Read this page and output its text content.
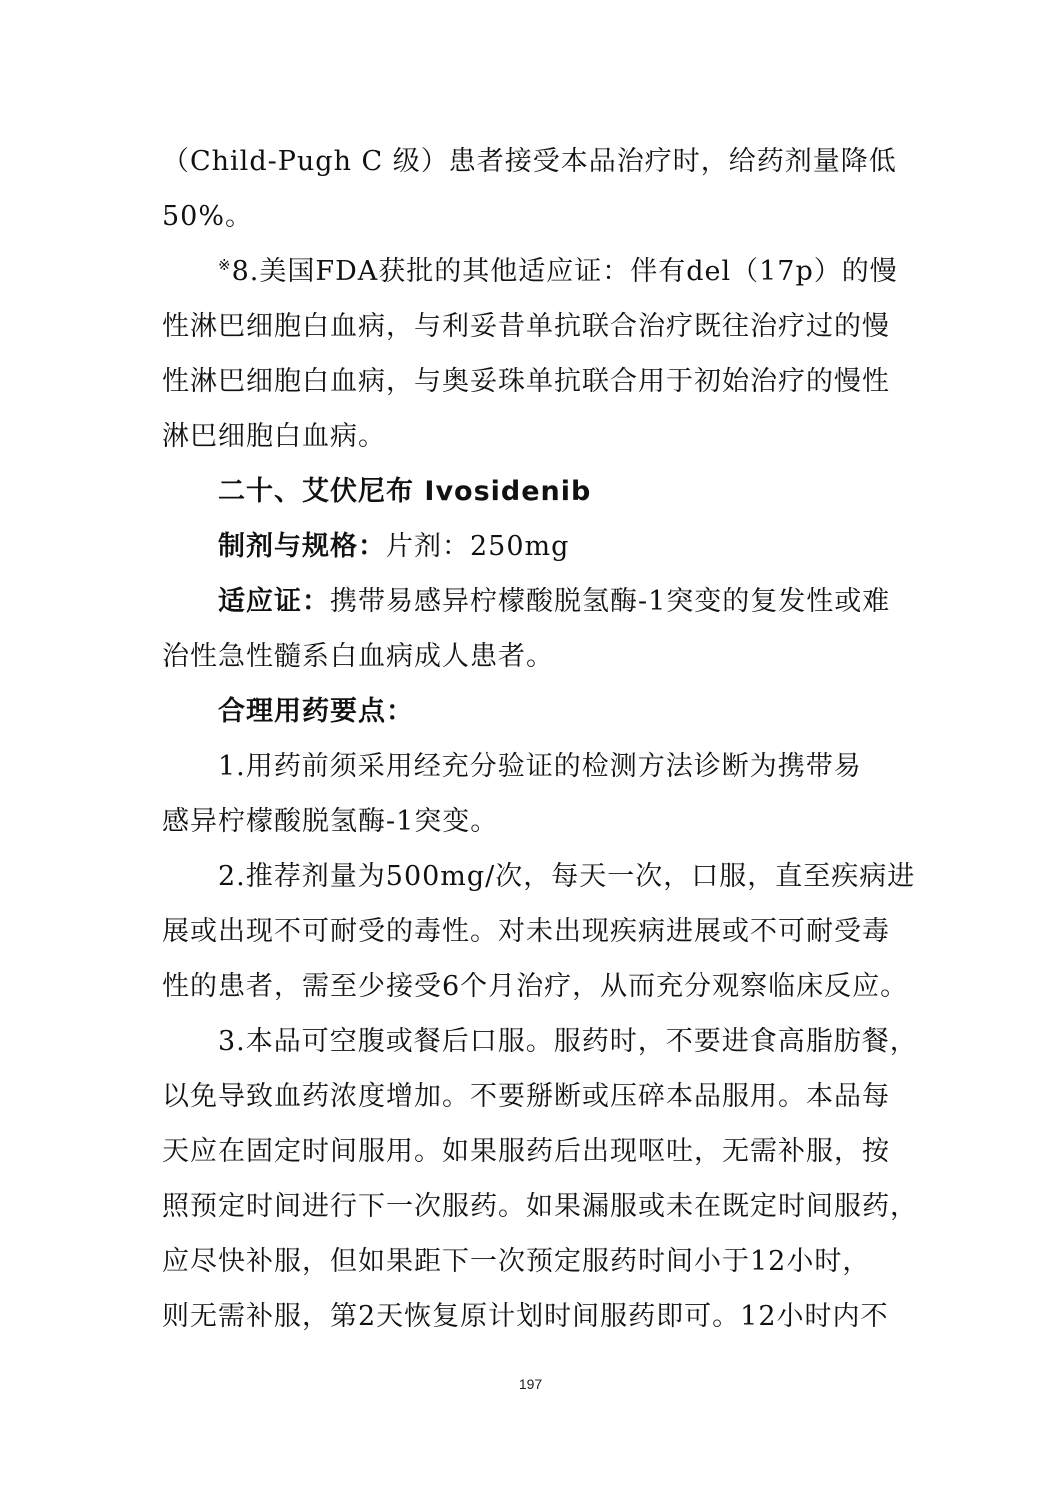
（Child-Pugh C 级）患者接受本品治疗时，给药剂量降低
50%。
※8.美国FDA获批的其他适应证：伴有del（17p）的慢
性淋巴细胞白血病，与利妥昔单抗联合治疗既往治疗过的慢
性淋巴细胞白血病，与奥妥珠单抗联合用于初始治疗的慢性
淋巴细胞白血病。
二十、艾伏尼布 Ivosidenib
制剂与规格：片剂：250mg
适应证：携带易感异柠檬酸脱氢酶-1突变的复发性或难
治性急性髓系白血病成人患者。
合理用药要点：
1.用药前须采用经充分验证的检测方法诊断为携带易
感异柠檬酸脱氢酶-1突变。
2.推荐剂量为500mg/次，每天一次，口服，直至疾病进
展或出现不可耐受的毒性。对未出现疾病进展或不可耐受毒
性的患者，需至少接受6个月治疗，从而充分观察临床反应。
3.本品可空腹或餐后口服。服药时，不要进食高脂肪餐，
以免导致血药浓度增加。不要掰断或压碎本品服用。本品每
天应在固定时间服用。如果服药后出现呕吐，无需补服，按
照预定时间进行下一次服药。如果漏服或未在既定时间服药，
应尽快补服，但如果距下一次预定服药时间小于12小时，
则无需补服，第2天恢复原计划时间服药即可。12小时内不
197
